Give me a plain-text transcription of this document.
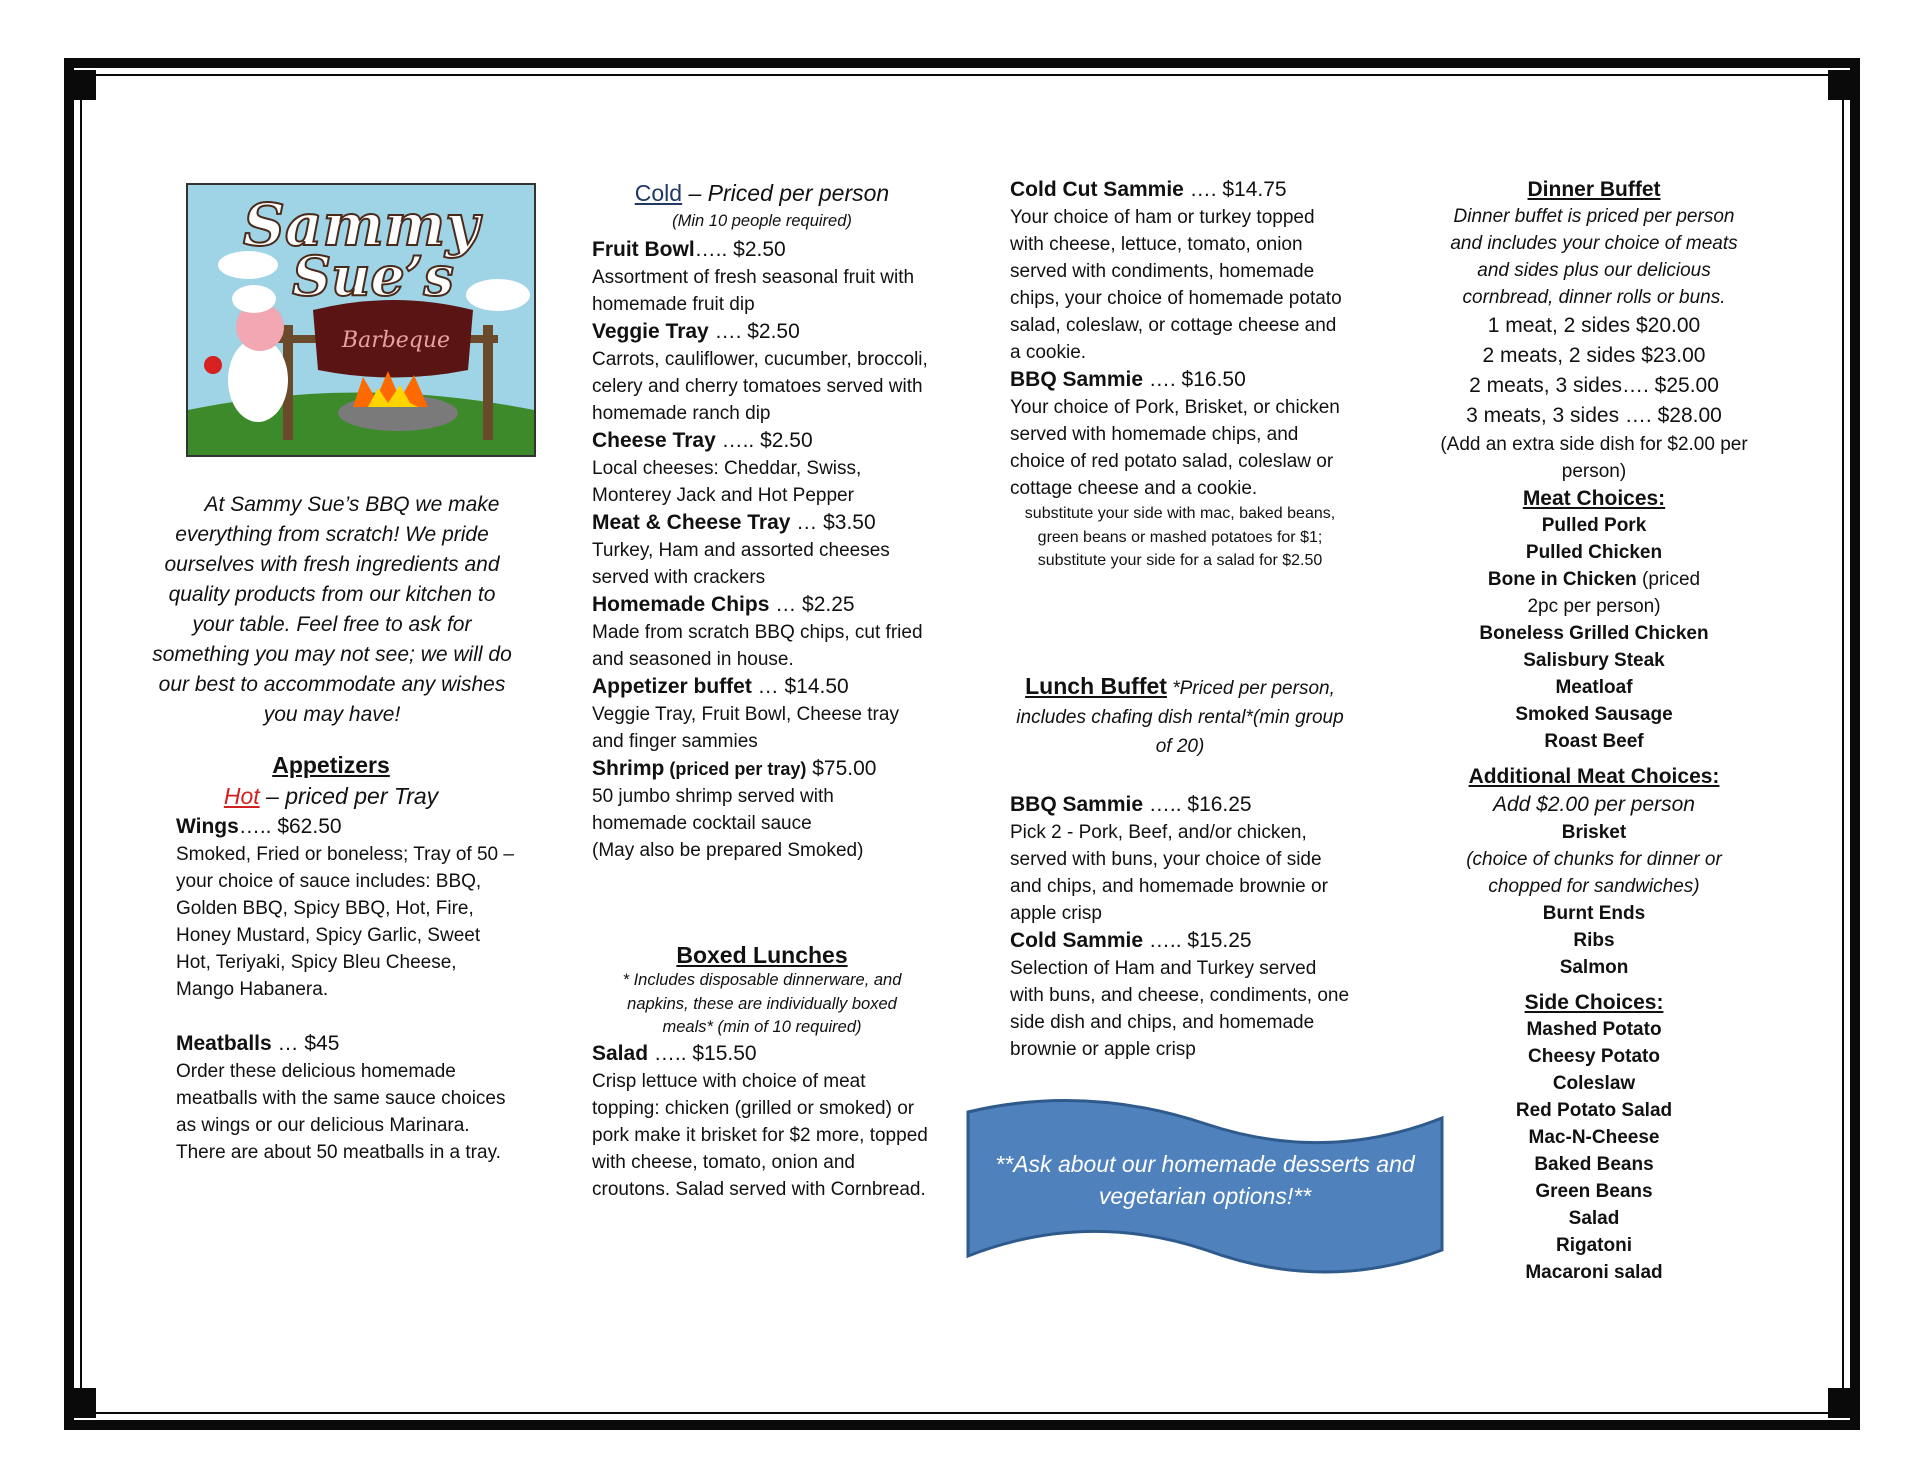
Sammy
Sue’s
Barbeque

At Sammy Sue’s BBQ we make everything from scratch! We pride ourselves with fresh ingredients and quality products from our kitchen to your table. Feel free to ask for something you may not see; we will do our best to accommodate any wishes you may have!

Appetizers

Hot – priced per Tray

Wings….. $62.50

Smoked, Fried or boneless; Tray of 50 – your choice of sauce includes: BBQ, Golden BBQ, Spicy BBQ, Hot, Fire, Honey Mustard, Spicy Garlic, Sweet Hot, Teriyaki, Spicy Bleu Cheese, Mango Habanera.

Meatballs … $45

Order these delicious homemade meatballs with the same sauce choices as wings or our delicious Marinara. There are about 50 meatballs in a tray.

Cold – Priced per person

(Min 10 people required)

Fruit Bowl….. $2.50

Assortment of fresh seasonal fruit with homemade fruit dip

Veggie Tray …. $2.50

Carrots, cauliflower, cucumber, broccoli, celery and cherry tomatoes served with homemade ranch dip

Cheese Tray ….. $2.50

Local cheeses: Cheddar, Swiss, Monterey Jack and Hot Pepper

Meat & Cheese Tray … $3.50

Turkey, Ham and assorted cheeses served with crackers

Homemade Chips … $2.25

Made from scratch BBQ chips, cut fried and seasoned in house.

Appetizer buffet … $14.50

Veggie Tray, Fruit Bowl, Cheese tray and finger sammies

Shrimp (priced per tray) $75.00

50 jumbo shrimp served with homemade cocktail sauce

(May also be prepared Smoked)

Boxed Lunches

* Includes disposable dinnerware, and napkins, these are individually boxed meals* (min of 10 required)

Salad ….. $15.50

Crisp lettuce with choice of meat topping: chicken (grilled or smoked) or pork make it brisket for $2 more, topped with cheese, tomato, onion and croutons. Salad served with Cornbread.

Cold Cut Sammie …. $14.75

Your choice of ham or turkey topped with cheese, lettuce, tomato, onion served with condiments, homemade chips, your choice of homemade potato salad, coleslaw, or cottage cheese and a cookie.

BBQ Sammie …. $16.50

Your choice of Pork, Brisket, or chicken served with homemade chips, and choice of red potato salad, coleslaw or cottage cheese and a cookie.

substitute your side with mac, baked beans, green beans or mashed potatoes for $1; substitute your side for a salad for $2.50

Lunch Buffet *Priced per person, includes chafing dish rental*(min group of 20)

BBQ Sammie ….. $16.25

Pick 2 - Pork, Beef, and/or chicken, served with buns, your choice of side and chips, and homemade brownie or apple crisp

Cold Sammie ….. $15.25

Selection of Ham and Turkey served with buns, and cheese, condiments, one side dish and chips, and homemade brownie or apple crisp

**Ask about our homemade desserts and vegetarian options!**

Dinner Buffet

Dinner buffet is priced per person and includes your choice of meats and sides plus our delicious cornbread, dinner rolls or buns.

1 meat, 2 sides $20.00

2 meats, 2 sides $23.00

2 meats, 3 sides…. $25.00

3 meats, 3 sides …. $28.00

(Add an extra side dish for $2.00 per person)

Meat Choices:

Pulled Pork

Pulled Chicken

Bone in Chicken (priced 2pc per person)

Boneless Grilled Chicken

Salisbury Steak

Meatloaf

Smoked Sausage

Roast Beef

Additional Meat Choices:

Add $2.00 per person

Brisket

(choice of chunks for dinner or chopped for sandwiches)

Burnt Ends

Ribs

Salmon

Side Choices:

Mashed Potato

Cheesy Potato

Coleslaw

Red Potato Salad

Mac-N-Cheese

Baked Beans

Green Beans

Salad

Rigatoni

Macaroni salad
